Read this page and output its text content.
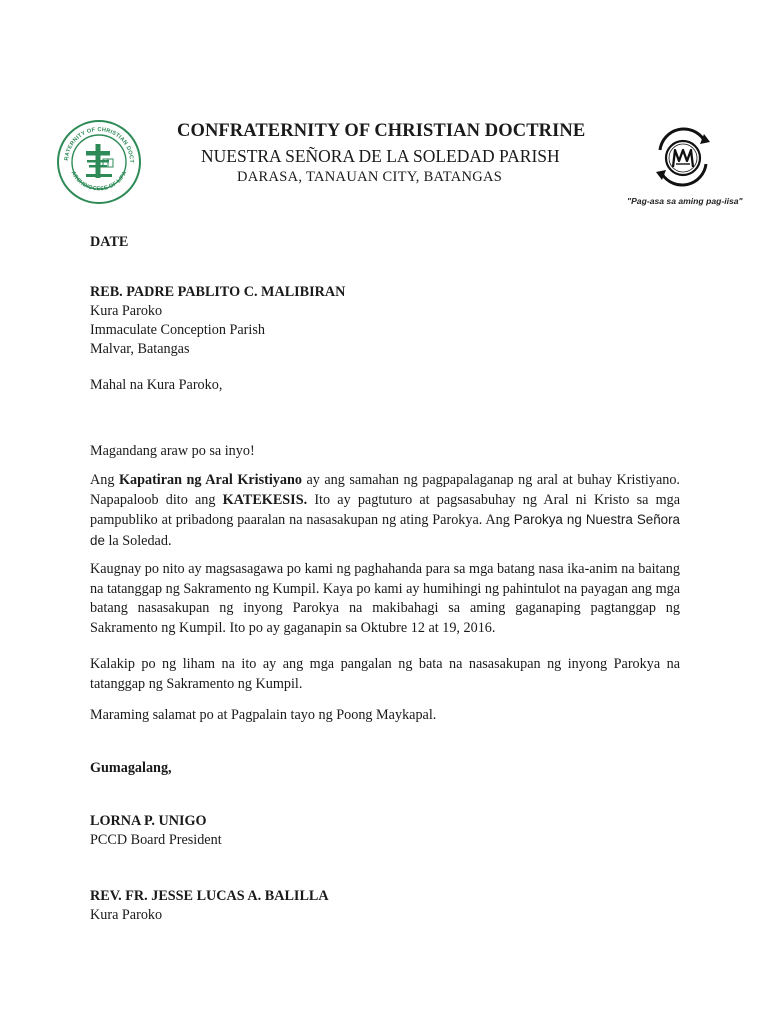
RATERNITY OF CHRISTIAN DOCT
ARCHDIOCESE OF LIPA
CONFRATERNITY OF CHRISTIAN DOCTRINE
NUESTRA SEÑORA DE LA SOLEDAD PARISH
DARASA, TANAUAN CITY, BATANGAS
"Pag-asa sa aming pag-iisa"
DATE
REB. PADRE PABLITO C. MALIBIRAN
Kura Paroko
Immaculate Conception Parish
Malvar, Batangas
Mahal na Kura Paroko,
Magandang araw po sa inyo!
Ang Kapatiran ng Aral Kristiyano ay ang samahan ng pagpapalaganap ng aral at buhay Kristiyano. Napapaloob dito ang KATEKESIS. Ito ay pagtuturo at pagsasabuhay ng Aral ni Kristo sa mga pampubliko at pribadong paaralan na nasasakupan ng ating Parokya. Ang Parokya ng Nuestra Señora de la Soledad.
Kaugnay po nito ay magsasagawa po kami ng paghahanda para sa mga batang nasa ika-anim na baitang na tatanggap ng Sakramento ng Kumpil. Kaya po kami ay humihingi ng pahintulot na payagan ang mga batang nasasakupan ng inyong Parokya na makibahagi sa aming gaganaping pagtanggap ng Sakramento ng Kumpil. Ito po ay gaganapin sa Oktubre 12 at 19, 2016.
Kalakip po ng liham na ito ay ang mga pangalan ng bata na nasasakupan ng inyong Parokya na tatanggap ng Sakramento ng Kumpil.
Maraming salamat po at Pagpalain tayo ng Poong Maykapal.
Gumagalang,
LORNA P. UNIGO
PCCD Board President
REV. FR. JESSE LUCAS A. BALILLA
Kura Paroko
